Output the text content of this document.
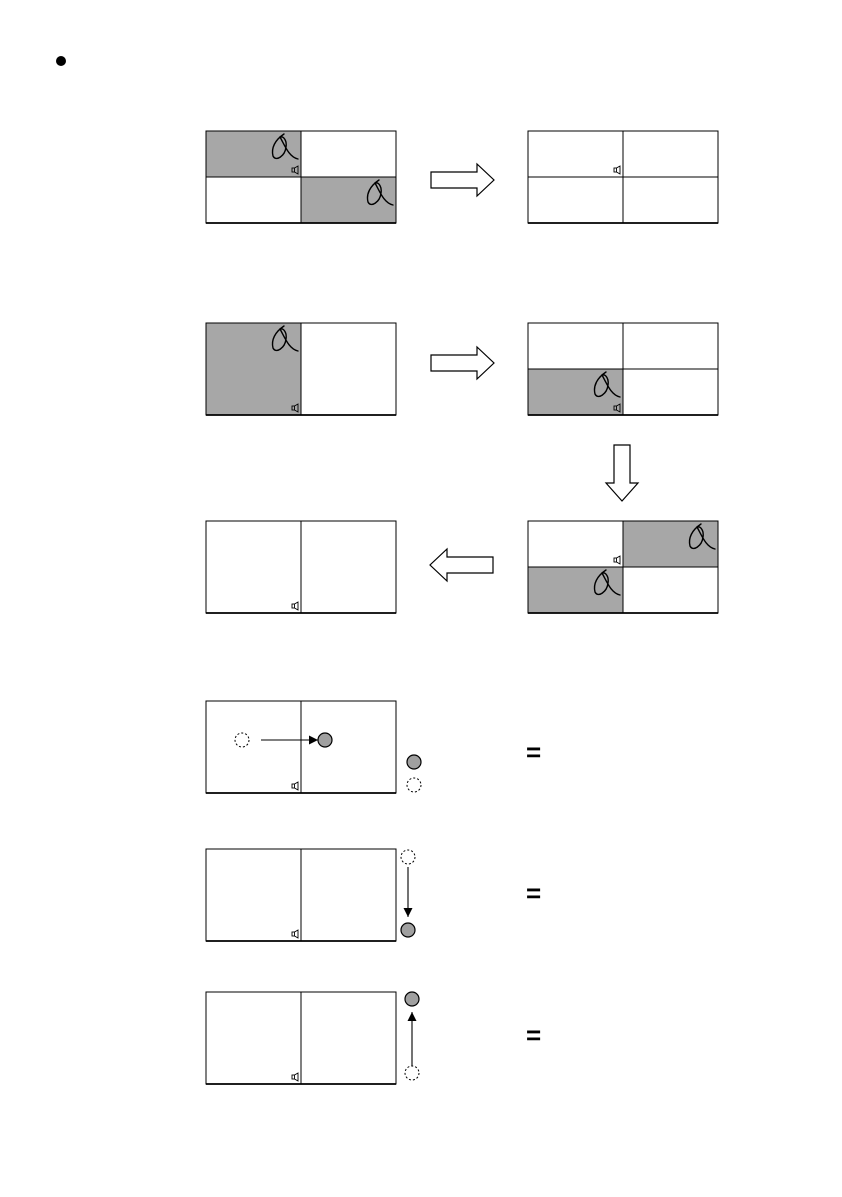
=
=
=
